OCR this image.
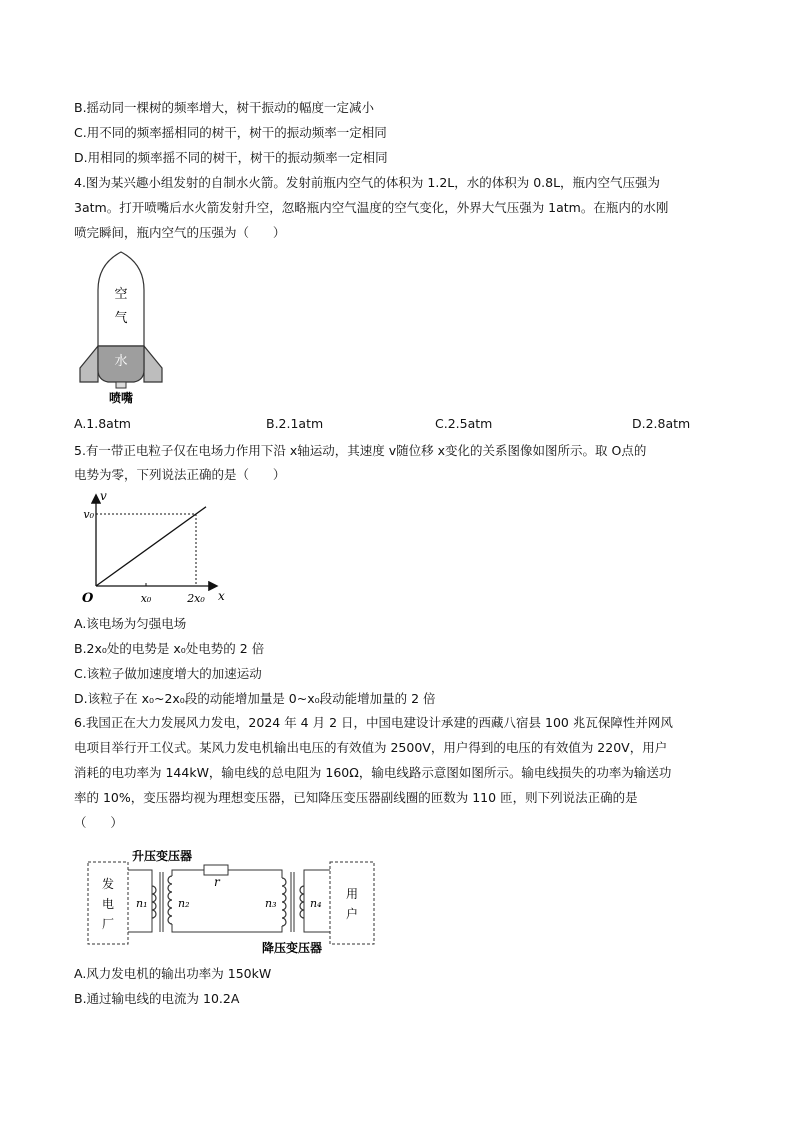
B.摇动同一棵树的频率增大，树干振动的幅度一定减小
C.用不同的频率摇相同的树干，树干的振动频率一定相同
D.用相同的频率摇不同的树干，树干的振动频率一定相同
4.图为某兴趣小组发射的自制水火箭。发射前瓶内空气的体积为 1.2L，水的体积为 0.8L，瓶内空气压强为
3atm。打开喷嘴后水火箭发射升空，忽略瓶内空气温度的空气变化，外界大气压强为 1atm。在瓶内的水刚
喷完瞬间，瓶内空气的压强为（      ）
空
气
水
喷嘴
A.1.8atm	B.2.1atm	C.2.5atm	D.2.8atm
5.有一带正电粒子仅在电场力作用下沿 x轴运动，其速度 v随位移 x变化的关系图像如图所示。取 O点的
电势为零，下列说法正确的是（      ）
v
x
O	x₀	2x₀
v₀
A.该电场为匀强电场
B.2x₀处的电势是 x₀处电势的 2 倍
C.该粒子做加速度增大的加速运动
D.该粒子在 x₀~2x₀段的动能增加量是 0~x₀段动能增加量的 2 倍
6.我国正在大力发展风力发电，2024 年 4 月 2 日，中国电建设计承建的西藏八宿县 100 兆瓦保障性并网风
电项目举行开工仪式。某风力发电机输出电压的有效值为 2500V，用户得到的电压的有效值为 220V，用户
消耗的电功率为 144kW，输电线的总电阻为 160Ω，输电线路示意图如图所示。输电线损失的功率为输送功
率的 10%，变压器均视为理想变压器，已知降压变压器副线圈的匝数为 110 匝，则下列说法正确的是
（      ）
发
电
厂
用
户
r
升压变压器
降压变压器
n₁	n₂	n₃	n₄
A.风力发电机的输出功率为 150kW
B.通过输电线的电流为 10.2A
